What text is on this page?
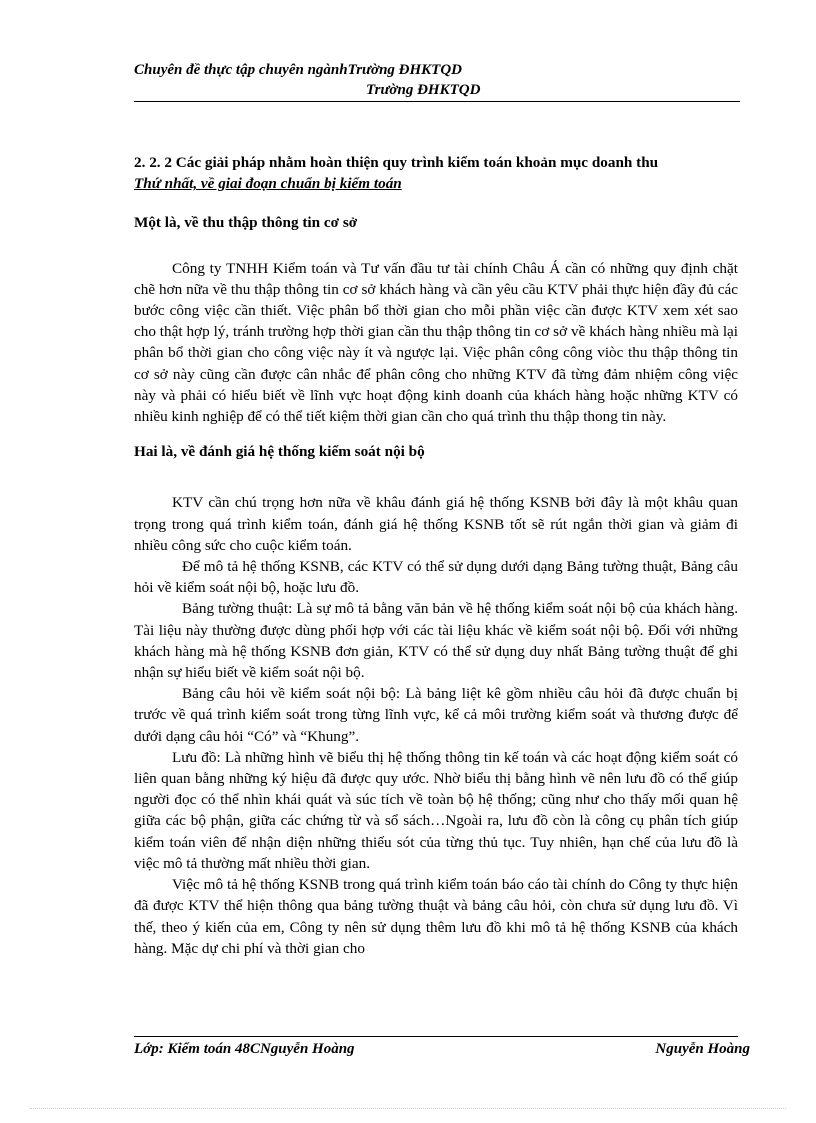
Chuyên đề thực tập chuyên ngànhTrường ĐHKTQD
Trường ĐHKTQD

2. 2. 2 Các giải pháp nhằm hoàn thiện quy trình kiểm toán khoản mục doanh thu

Thứ nhất, về giai đoạn chuẩn bị kiểm toán

Một là, về thu thập thông tin cơ sở

Công ty TNHH Kiểm toán và Tư vấn đầu tư tài chính Châu Á cần có những quy định chặt chẽ hơn nữa về thu thập thông tin cơ sở khách hàng và cần yêu cầu KTV phải thực hiện đầy đủ các bước công việc cần thiết. Việc phân bổ thời gian cho mỗi phần việc cần được KTV xem xét sao cho thật hợp lý, tránh trường hợp thời gian cần thu thập thông tin cơ sở về khách hàng nhiều mà lại phân bổ thời gian cho công việc này ít và ngược lại. Việc phân công công viòc thu thập thông tin cơ sở này cũng cần được cân nhắc để phân công cho những KTV đã từng đảm nhiệm công việc này và phải có hiểu biết về lĩnh vực hoạt động kinh doanh của khách hàng hoặc những KTV có nhiều kinh nghiệp để có thể tiết kiệm thời gian cần cho quá trình thu thập thong tin này.

Hai là, về đánh giá hệ thống kiểm soát nội bộ

KTV cần chú trọng hơn nữa về khâu đánh giá hệ thống KSNB bởi đây là một khâu quan trọng trong quá trình kiểm toán, đánh giá hệ thống KSNB tốt sẽ rút ngắn thời gian và giảm đi nhiều công sức cho cuộc kiểm toán.

Để mô tả hệ thống KSNB, các KTV có thể sử dụng dưới dạng Bảng tường thuật, Bảng câu hỏi về kiểm soát nội bộ, hoặc lưu đồ.

Bảng tường thuật: Là sự mô tả bằng văn bản về hệ thống kiểm soát nội bộ của khách hàng. Tài liệu này thường được dùng phối hợp với các tài liệu khác về kiểm soát nội bộ. Đối với những khách hàng mà hệ thống KSNB đơn giản, KTV có thể sử dụng duy nhất Bảng tường thuật để ghi nhận sự hiểu biết về kiểm soát nội bộ.

Bảng câu hỏi về kiểm soát nội bộ: Là bảng liệt kê gồm nhiều câu hỏi đã được chuẩn bị trước về quá trình kiểm soát trong từng lĩnh vực, kể cả môi trường kiểm soát và thương được để dưới dạng câu hỏi “Có” và “Khung”.

Lưu đồ: Là những hình vẽ biểu thị hệ thống thông tin kế toán và các hoạt động kiểm soát có liên quan bằng những ký hiệu đã được quy ước. Nhờ biểu thị bằng hình vẽ nên lưu đồ có thể giúp người đọc có thể nhìn khái quát và súc tích về toàn bộ hệ thống; cũng như cho thấy mối quan hệ giữa các bộ phận, giữa các chứng từ và sổ sách…Ngoài ra, lưu đồ còn là công cụ phân tích giúp kiểm toán viên để nhận diện những thiếu sót của từng thủ tục. Tuy nhiên, hạn chế của lưu đồ là việc mô tả thường mất nhiều thời gian.

Việc mô tả hệ thống KSNB trong quá trình kiểm toán báo cáo tài chính do Công ty thực hiện đã được KTV thể hiện thông qua bảng tường thuật và bảng câu hỏi, còn chưa sử dụng lưu đồ. Vì thế, theo ý kiến của em, Công ty nên sử dụng thêm lưu đồ khi mô tả hệ thống KSNB của khách hàng. Mặc dự chi phí và thời gian cho

Lớp: Kiểm toán 48CNguyễn Hoàng	Nguyễn Hoàng
